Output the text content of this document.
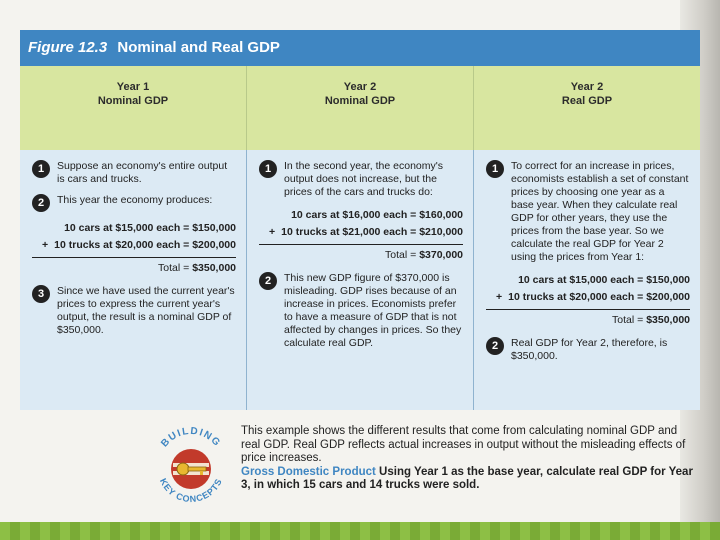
Figure 12.3 Nominal and Real GDP
Year 1
Nominal GDP
Year 2
Nominal GDP
Year 2
Real GDP
1	Suppose an economy's entire output is cars and trucks.
2	This year the economy produces:
10 cars at $15,000 each = $150,000
+ 10 trucks at $20,000 each = $200,000
Total = $350,000
3	Since we have used the current year's prices to express the current year's output, the result is a nominal GDP of $350,000.
1	In the second year, the economy's output does not increase, but the prices of the cars and trucks do:
10 cars at $16,000 each = $160,000
+ 10 trucks at $21,000 each = $210,000
Total = $370,000
2	This new GDP figure of $370,000 is misleading. GDP rises because of an increase in prices. Economists prefer to have a measure of GDP that is not affected by changes in prices. So they calculate real GDP.
1	To correct for an increase in prices, economists establish a set of constant prices by choosing one year as a base year. When they calculate real GDP for other years, they use the prices from the base year. So we calculate the real GDP for Year 2 using the prices from Year 1:
10 cars at $15,000 each = $150,000
+ 10 trucks at $20,000 each = $200,000
Total = $350,000
2	Real GDP for Year 2, therefore, is $350,000.
BUILDING
KEY CONCEPTS
This example shows the different results that come from calculating nominal GDP and real GDP. Real GDP reflects actual increases in output without the misleading effects of price increases.
Gross Domestic Product Using Year 1 as the base year, calculate real GDP for Year 3, in which 15 cars and 14 trucks were sold.
